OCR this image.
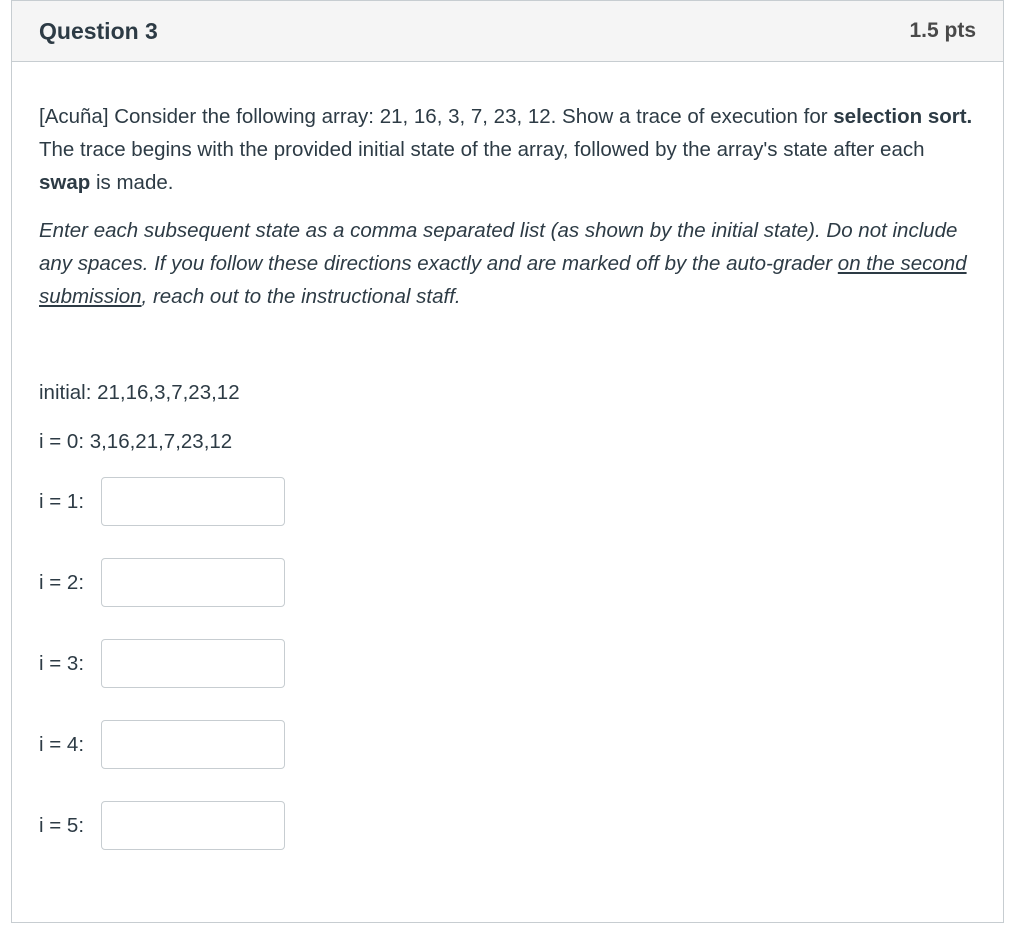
Question 3	1.5 pts

[Acuña] Consider the following array: 21, 16, 3, 7, 23, 12. Show a trace of execution for selection sort. The trace begins with the provided initial state of the array, followed by the array's state after each swap is made.

Enter each subsequent state as a comma separated list (as shown by the initial state). Do not include any spaces. If you follow these directions exactly and are marked off by the auto-grader on the second submission, reach out to the instructional staff.

initial: 21,16,3,7,23,12
i = 0: 3,16,21,7,23,12
i = 1:
i = 2:
i = 3:
i = 4:
i = 5:
